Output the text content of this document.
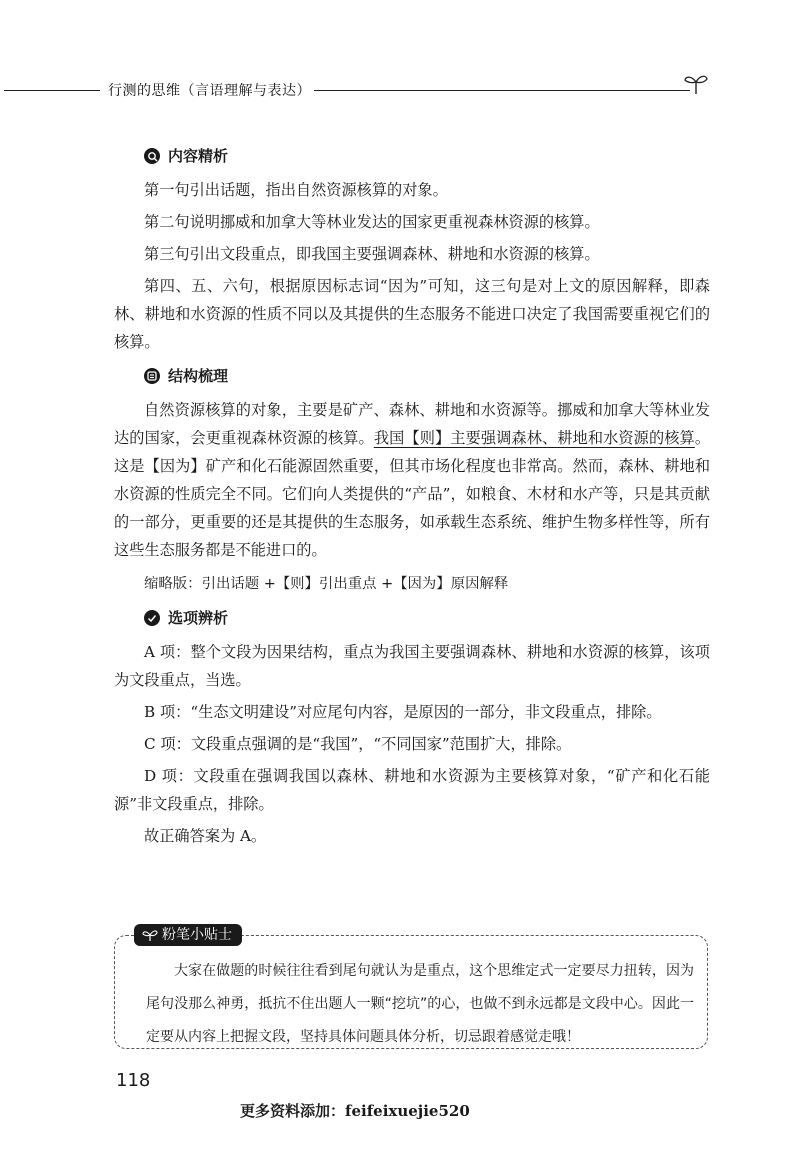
行测的思维（言语理解与表达）
内容精析

第一句引出话题，指出自然资源核算的对象。

第二句说明挪威和加拿大等林业发达的国家更重视森林资源的核算。

第三句引出文段重点，即我国主要强调森林、耕地和水资源的核算。

第四、五、六句，根据原因标志词“因为”可知，这三句是对上文的原因解释，即森林、耕地和水资源的性质不同以及其提供的生态服务不能进口决定了我国需要重视它们的核算。

结构梳理

自然资源核算的对象，主要是矿产、森林、耕地和水资源等。挪威和加拿大等林业发达的国家，会更重视森林资源的核算。我国【则】主要强调森林、耕地和水资源的核算。这是【因为】矿产和化石能源固然重要，但其市场化程度也非常高。然而，森林、耕地和水资源的性质完全不同。它们向人类提供的“产品”，如粮食、木材和水产等，只是其贡献的一部分，更重要的还是其提供的生态服务，如承载生态系统、维护生物多样性等，所有这些生态服务都是不能进口的。

缩略版：引出话题 +【则】引出重点 +【因为】原因解释

选项辨析

A 项：整个文段为因果结构，重点为我国主要强调森林、耕地和水资源的核算，该项为文段重点，当选。

B 项：“生态文明建设”对应尾句内容，是原因的一部分，非文段重点，排除。

C 项：文段重点强调的是“我国”，“不同国家”范围扩大，排除。

D 项：文段重在强调我国以森林、耕地和水资源为主要核算对象，“矿产和化石能源”非文段重点，排除。

故正确答案为 A。

粉笔小贴士
大家在做题的时候往往看到尾句就认为是重点，这个思维定式一定要尽力扭转，因为尾句没那么神勇，抵抗不住出题人一颗“挖坑”的心，也做不到永远都是文段中心。因此一定要从内容上把握文段，坚持具体问题具体分析，切忌跟着感觉走哦！
118
更多资料添加：feifeixuejie520
